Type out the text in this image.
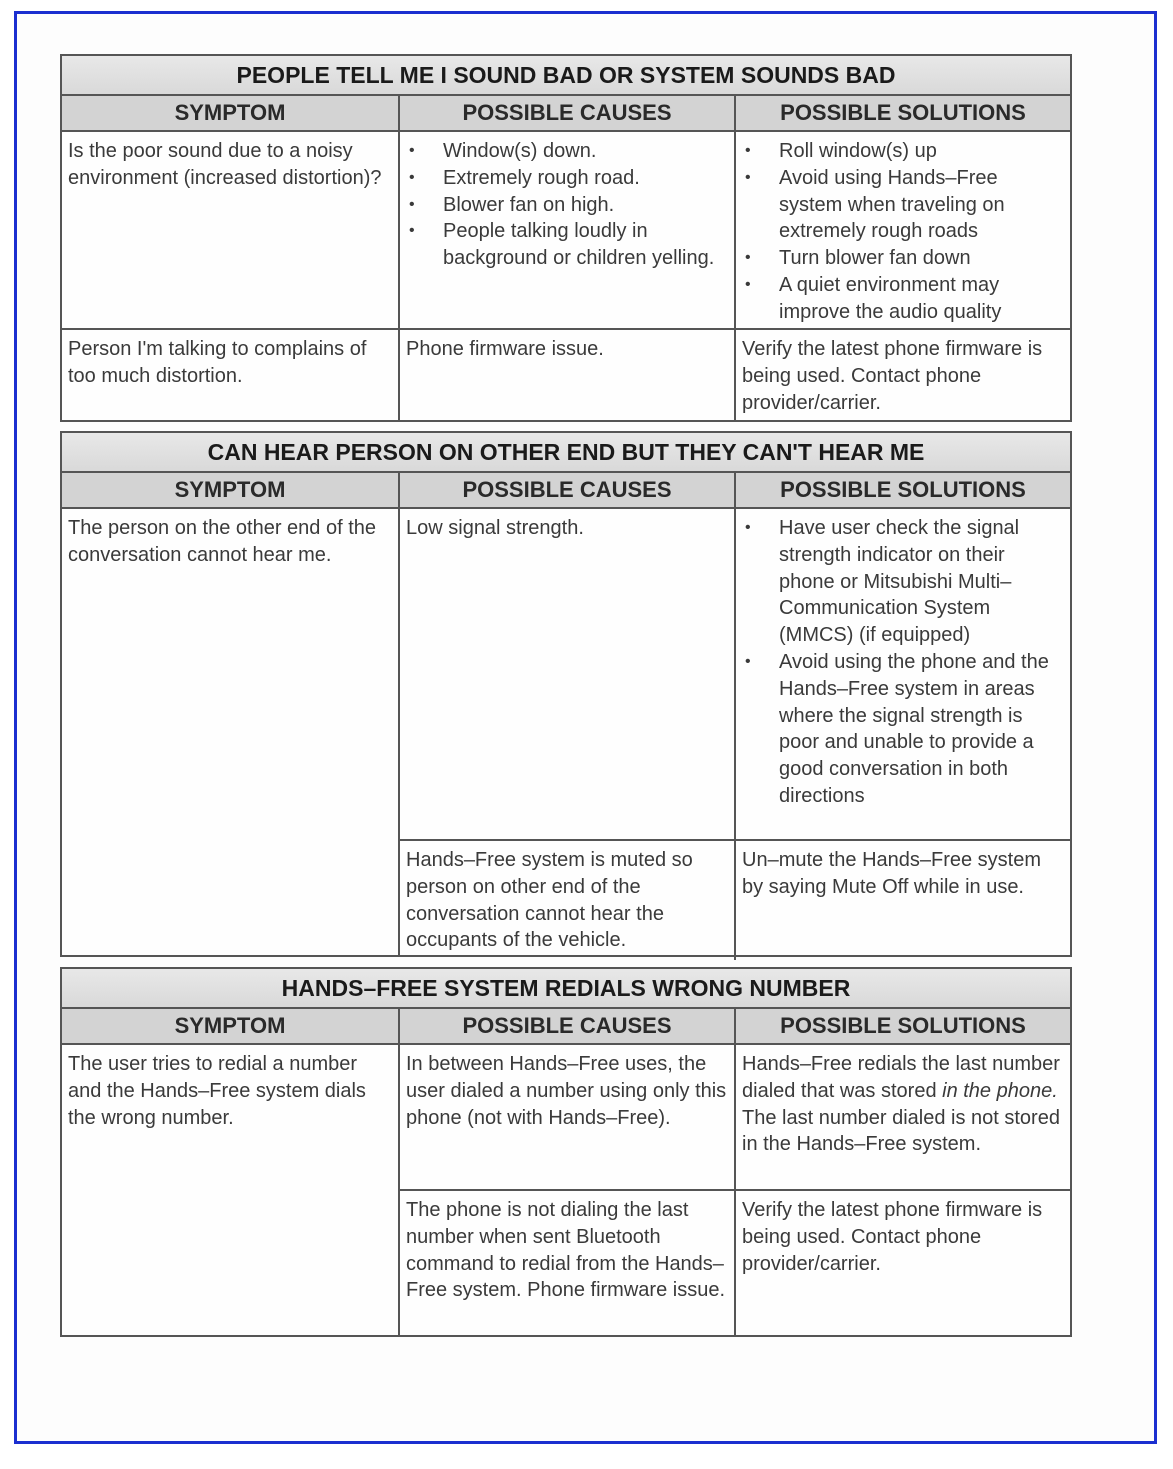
PEOPLE TELL ME I SOUND BAD OR SYSTEM SOUNDS BAD
SYMPTOM	POSSIBLE CAUSES	POSSIBLE SOLUTIONS
Is the poor sound due to a noisy environment (increased distortion)?
• Window(s) down.
• Extremely rough road.
• Blower fan on high.
• People talking loudly in background or children yelling.
• Roll window(s) up
• Avoid using Hands–Free system when traveling on extremely rough roads
• Turn blower fan down
• A quiet environment may improve the audio quality
Person I'm talking to complains of too much distortion.
Phone firmware issue.	Verify the latest phone firmware is being used. Contact phone provider/carrier.
CAN HEAR PERSON ON OTHER END BUT THEY CAN'T HEAR ME
SYMPTOM	POSSIBLE CAUSES	POSSIBLE SOLUTIONS
The person on the other end of the conversation cannot hear me.
Low signal strength.
•	Have user check the signal strength indicator on their phone or Mitsubishi Multi–Communication System (MMCS) (if equipped)
• Avoid using the phone and the Hands–Free system in areas where the signal strength is poor and unable to provide a good conversation in both directions
Hands–Free system is muted so person on other end of the conversation cannot hear the occupants of the vehicle.
Un–mute the Hands–Free system by saying Mute Off while in use.
HANDS–FREE SYSTEM REDIALS WRONG NUMBER
SYMPTOM	POSSIBLE CAUSES	POSSIBLE SOLUTIONS
The user tries to redial a number and the Hands–Free system dials the wrong number.
In between Hands–Free uses, the user dialed a number using only this phone (not with Hands–Free).
Hands–Free redials the last number dialed that was stored in the phone. The last number dialed is not stored in the Hands–Free system.
The phone is not dialing the last number when sent Bluetooth command to redial from the Hands–Free system. Phone firmware issue.
Verify the latest phone firmware is being used. Contact phone provider/carrier.
